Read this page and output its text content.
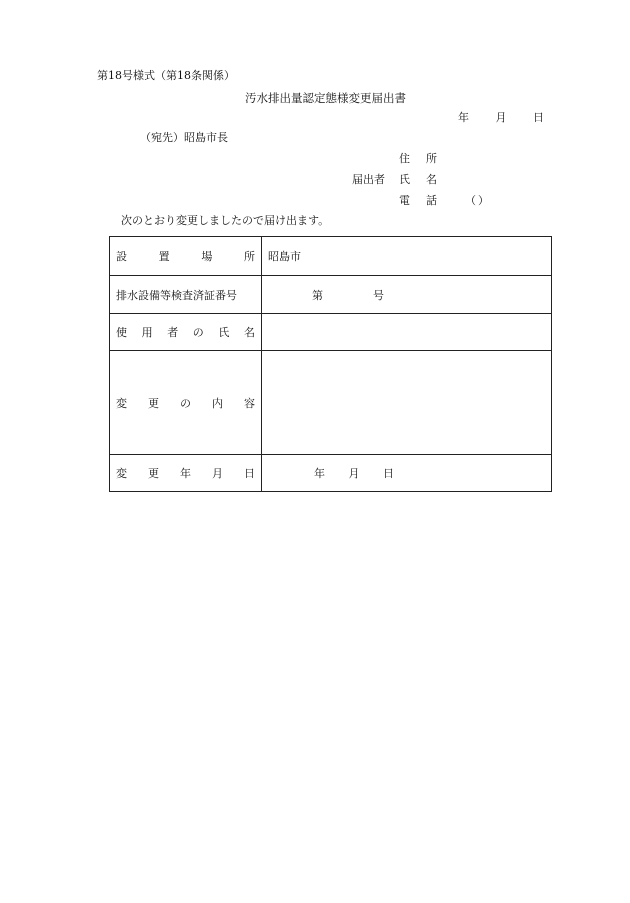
第18号様式（第18条関係）
汚水排出量認定態様変更届出書
年 月 日
（宛先）昭島市長
住 所
届出者 氏 名
電 話	（ ）
次のとおり変更しましたので届け出ます。
設	置	場	所 昭島市
排水設備等検査済証番号	第	号
使 用 者 の 氏 名
変 更 の 内 容
変 更 年 月 日	年 月 日
